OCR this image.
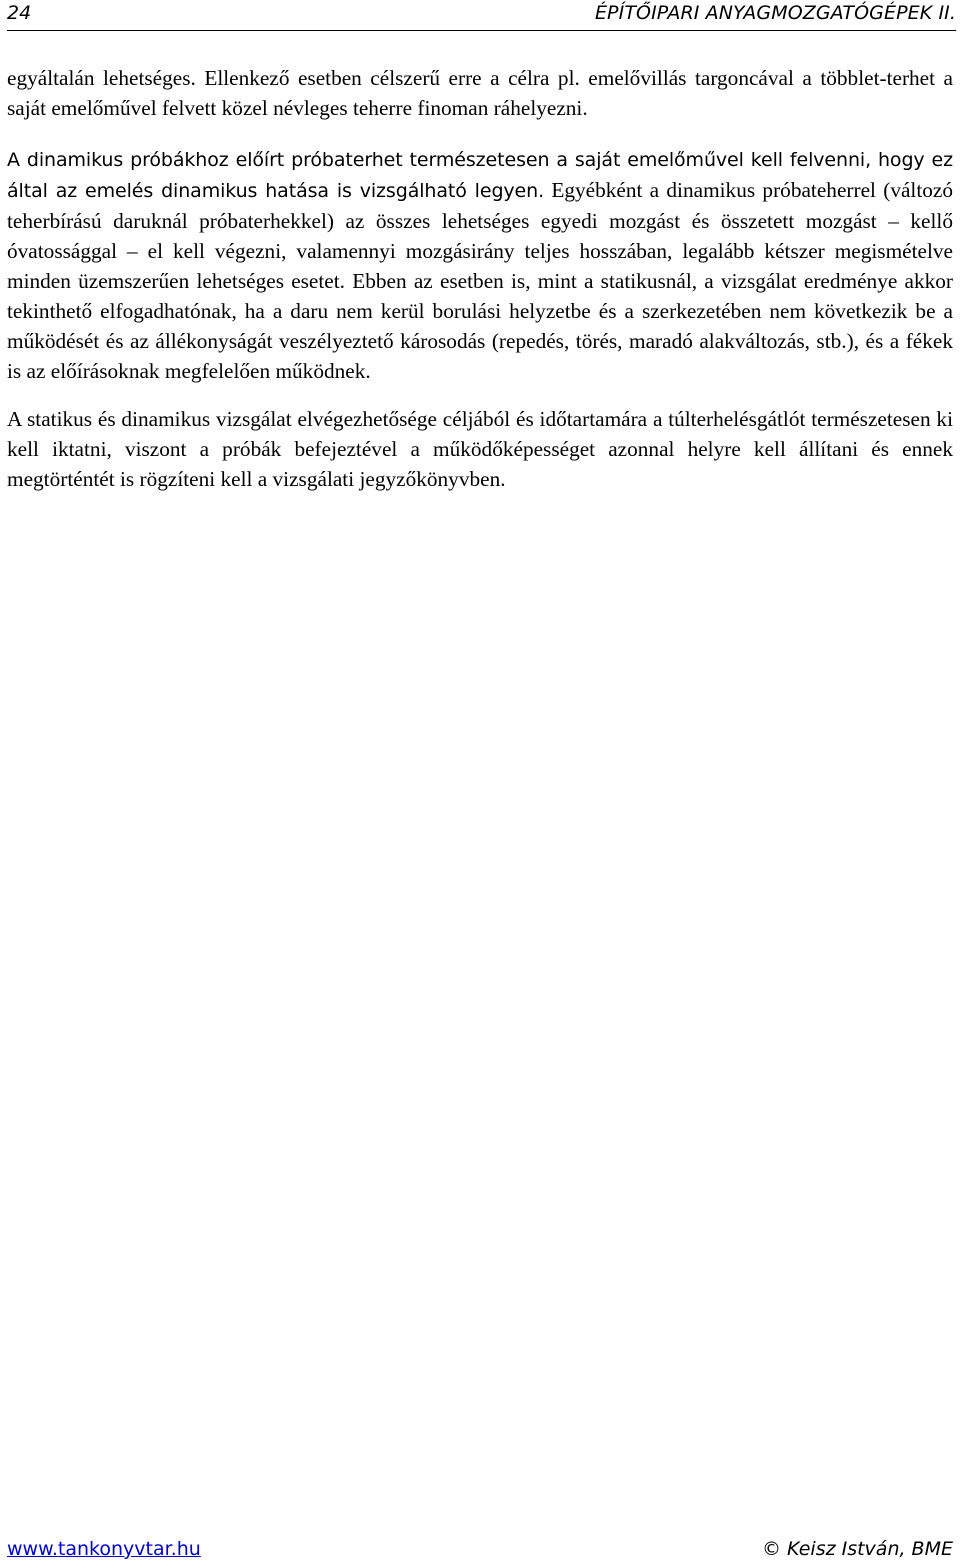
24	ÉPÍTŐIPARI ANYAGMOZGATÓGÉPEK II.

egyáltalán lehetséges. Ellenkező esetben célszerű erre a célra pl. emelővillás targoncával a többlet-terhet a saját emelőművel felvett közel névleges teherre finoman ráhelyezni.

A dinamikus próbákhoz előírt próbaterhet természetesen a saját emelőművel kell felvenni, hogy ez által az emelés dinamikus hatása is vizsgálható legyen. Egyébként a dinamikus próbateherrel (változó teherbírású daruknál próbaterhekkel) az összes lehetséges egyedi mozgást és összetett mozgást – kellő óvatossággal – el kell végezni, valamennyi mozgásirány teljes hosszában, legalább kétszer megismételve minden üzemszerűen lehetséges esetet. Ebben az esetben is, mint a statikusnál, a vizsgálat eredménye akkor tekinthető elfogadhatónak, ha a daru nem kerül borulási helyzetbe és a szerkezetében nem következik be a működését és az állékonyságát veszélyeztető károsodás (repedés, törés, maradó alakváltozás, stb.), és a fékek is az előírásoknak megfelelően működnek.

A statikus és dinamikus vizsgálat elvégezhetősége céljából és időtartamára a túlterhelésgátlót természetesen ki kell iktatni, viszont a próbák befejeztével a működőképességet azonnal helyre kell állítani és ennek megtörténtét is rögzíteni kell a vizsgálati jegyzőkönyvben.

www.tankonyvtar.hu	© Keisz István, BME
